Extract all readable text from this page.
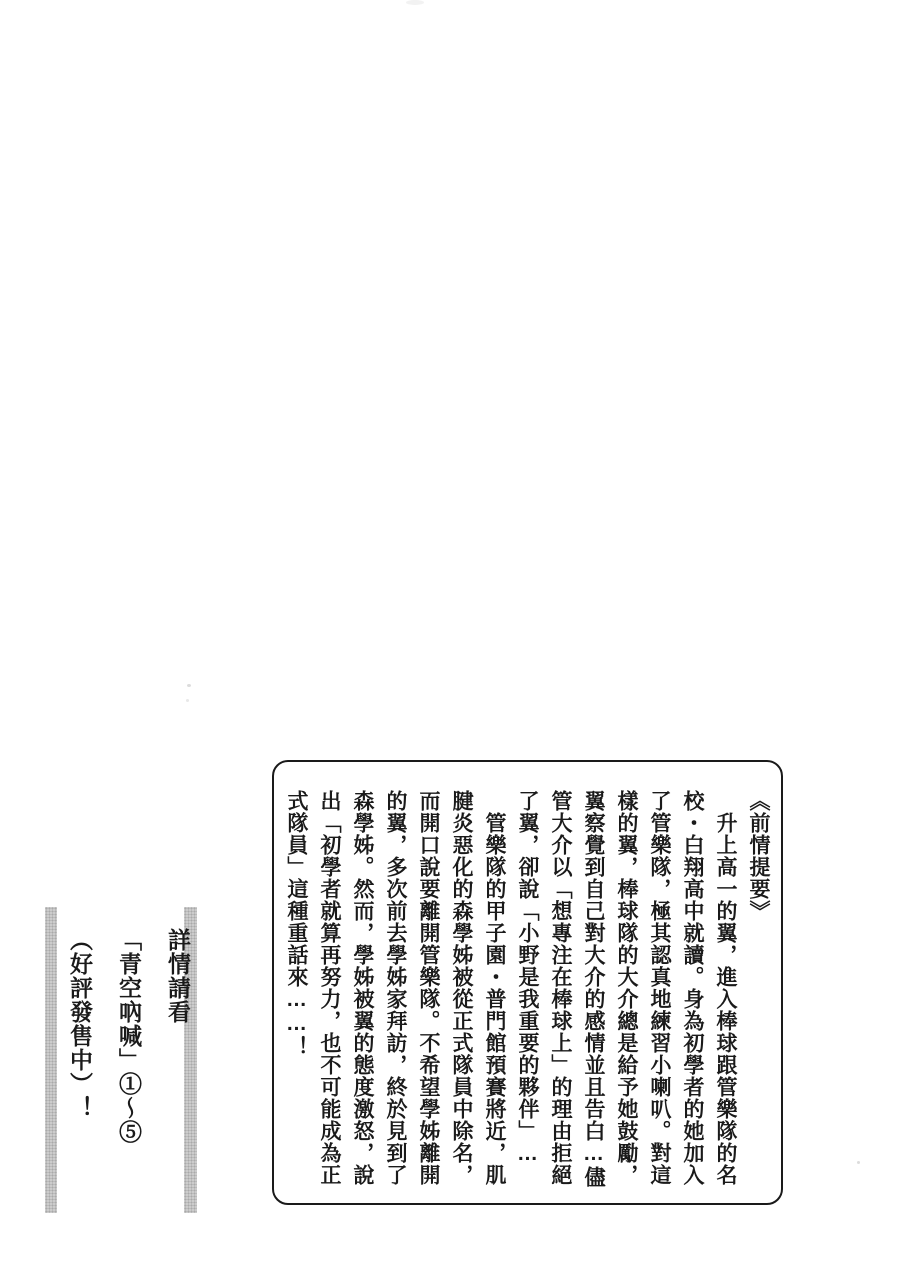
詳情請看

「青空吶喊」①～⑤

（好評發售中）！

《前情提要》

　升上高一的翼，進入棒球跟管樂隊的名

校・白翔高中就讀。身為初學者的她加入

了管樂隊，極其認真地練習小喇叭。對這

樣的翼，棒球隊的大介總是給予她鼓勵，

翼察覺到自己對大介的感情並且告白…儘

管大介以「想專注在棒球上」的理由拒絕

了翼，卻說「小野是我重要的夥伴」…

　管樂隊的甲子園・普門館預賽將近，肌

腱炎惡化的森學姊被從正式隊員中除名，

而開口說要離開管樂隊。不希望學姊離開

的翼，多次前去學姊家拜訪，終於見到了

森學姊。然而，學姊被翼的態度激怒，說

出「初學者就算再努力，也不可能成為正

式隊員」這種重話來……！
